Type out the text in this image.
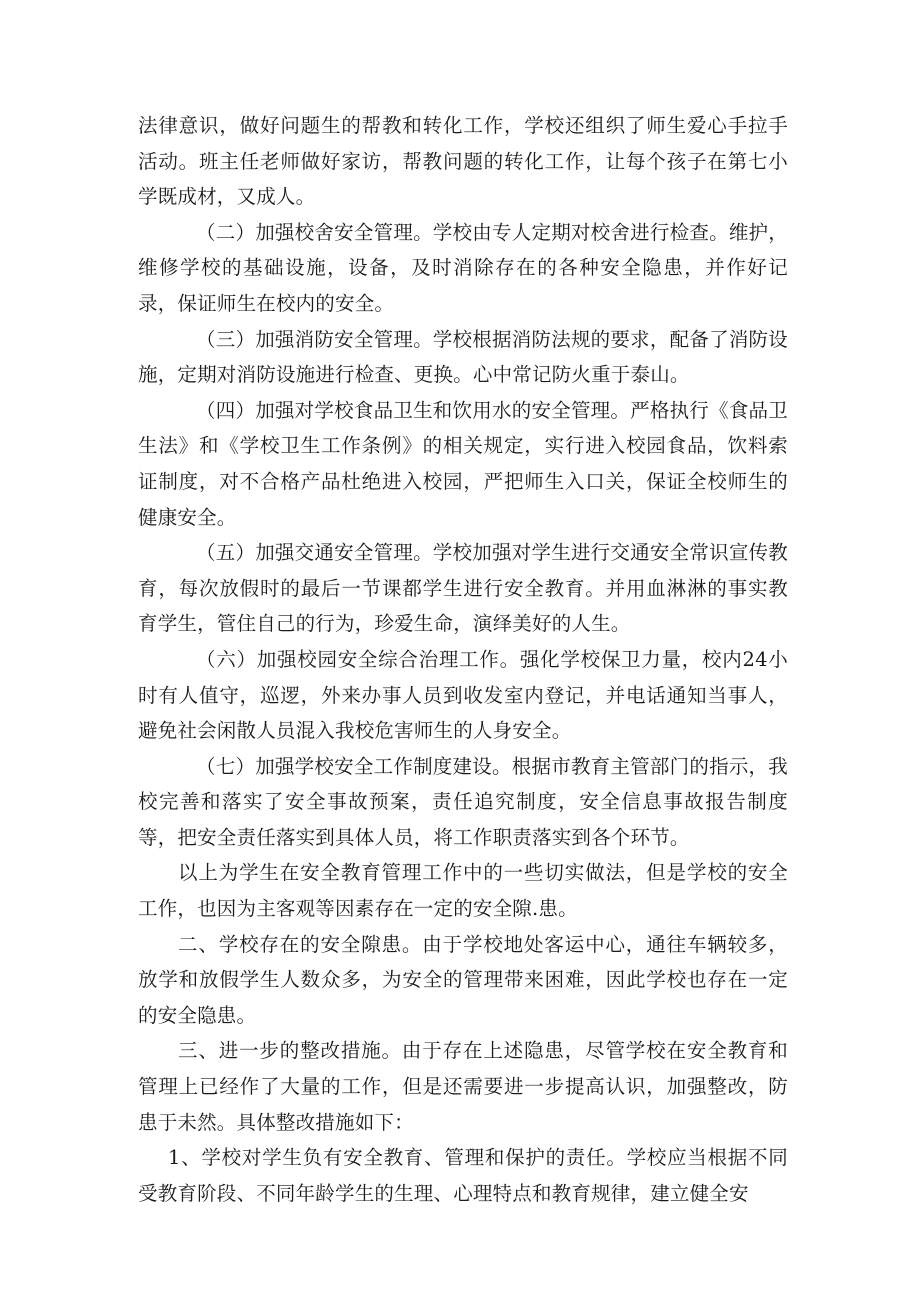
法律意识，做好问题生的帮教和转化工作，学校还组织了师生爱心手拉手活动。班主任老师做好家访，帮教问题的转化工作，让每个孩子在第七小学既成材，又成人。

（二）加强校舍安全管理。学校由专人定期对校舍进行检查。维护，维修学校的基础设施，设备，及时消除存在的各种安全隐患，并作好记录，保证师生在校内的安全。

（三）加强消防安全管理。学校根据消防法规的要求，配备了消防设施，定期对消防设施进行检查、更换。心中常记防火重于泰山。

（四）加强对学校食品卫生和饮用水的安全管理。严格执行《食品卫生法》和《学校卫生工作条例》的相关规定，实行进入校园食品，饮料索证制度，对不合格产品杜绝进入校园，严把师生入口关，保证全校师生的健康安全。

（五）加强交通安全管理。学校加强对学生进行交通安全常识宣传教育，每次放假时的最后一节课都学生进行安全教育。并用血淋淋的事实教育学生，管住自己的行为，珍爱生命，演绎美好的人生。

（六）加强校园安全综合治理工作。强化学校保卫力量，校内24小时有人值守，巡逻，外来办事人员到收发室内登记，并电话通知当事人，避免社会闲散人员混入我校危害师生的人身安全。

（七）加强学校安全工作制度建设。根据市教育主管部门的指示，我校完善和落实了安全事故预案，责任追究制度，安全信息事故报告制度等，把安全责任落实到具体人员，将工作职责落实到各个环节。

以上为学生在安全教育管理工作中的一些切实做法，但是学校的安全工作，也因为主客观等因素存在一定的安全隙.患。

二、学校存在的安全隙患。由于学校地处客运中心，通往车辆较多，放学和放假学生人数众多，为安全的管理带来困难，因此学校也存在一定的安全隐患。

三、进一步的整改措施。由于存在上述隐患，尽管学校在安全教育和管理上已经作了大量的工作，但是还需要进一步提高认识，加强整改，防患于未然。具体整改措施如下：

1、学校对学生负有安全教育、管理和保护的责任。学校应当根据不同受教育阶段、不同年龄学生的生理、心理特点和教育规律，建立健全安
